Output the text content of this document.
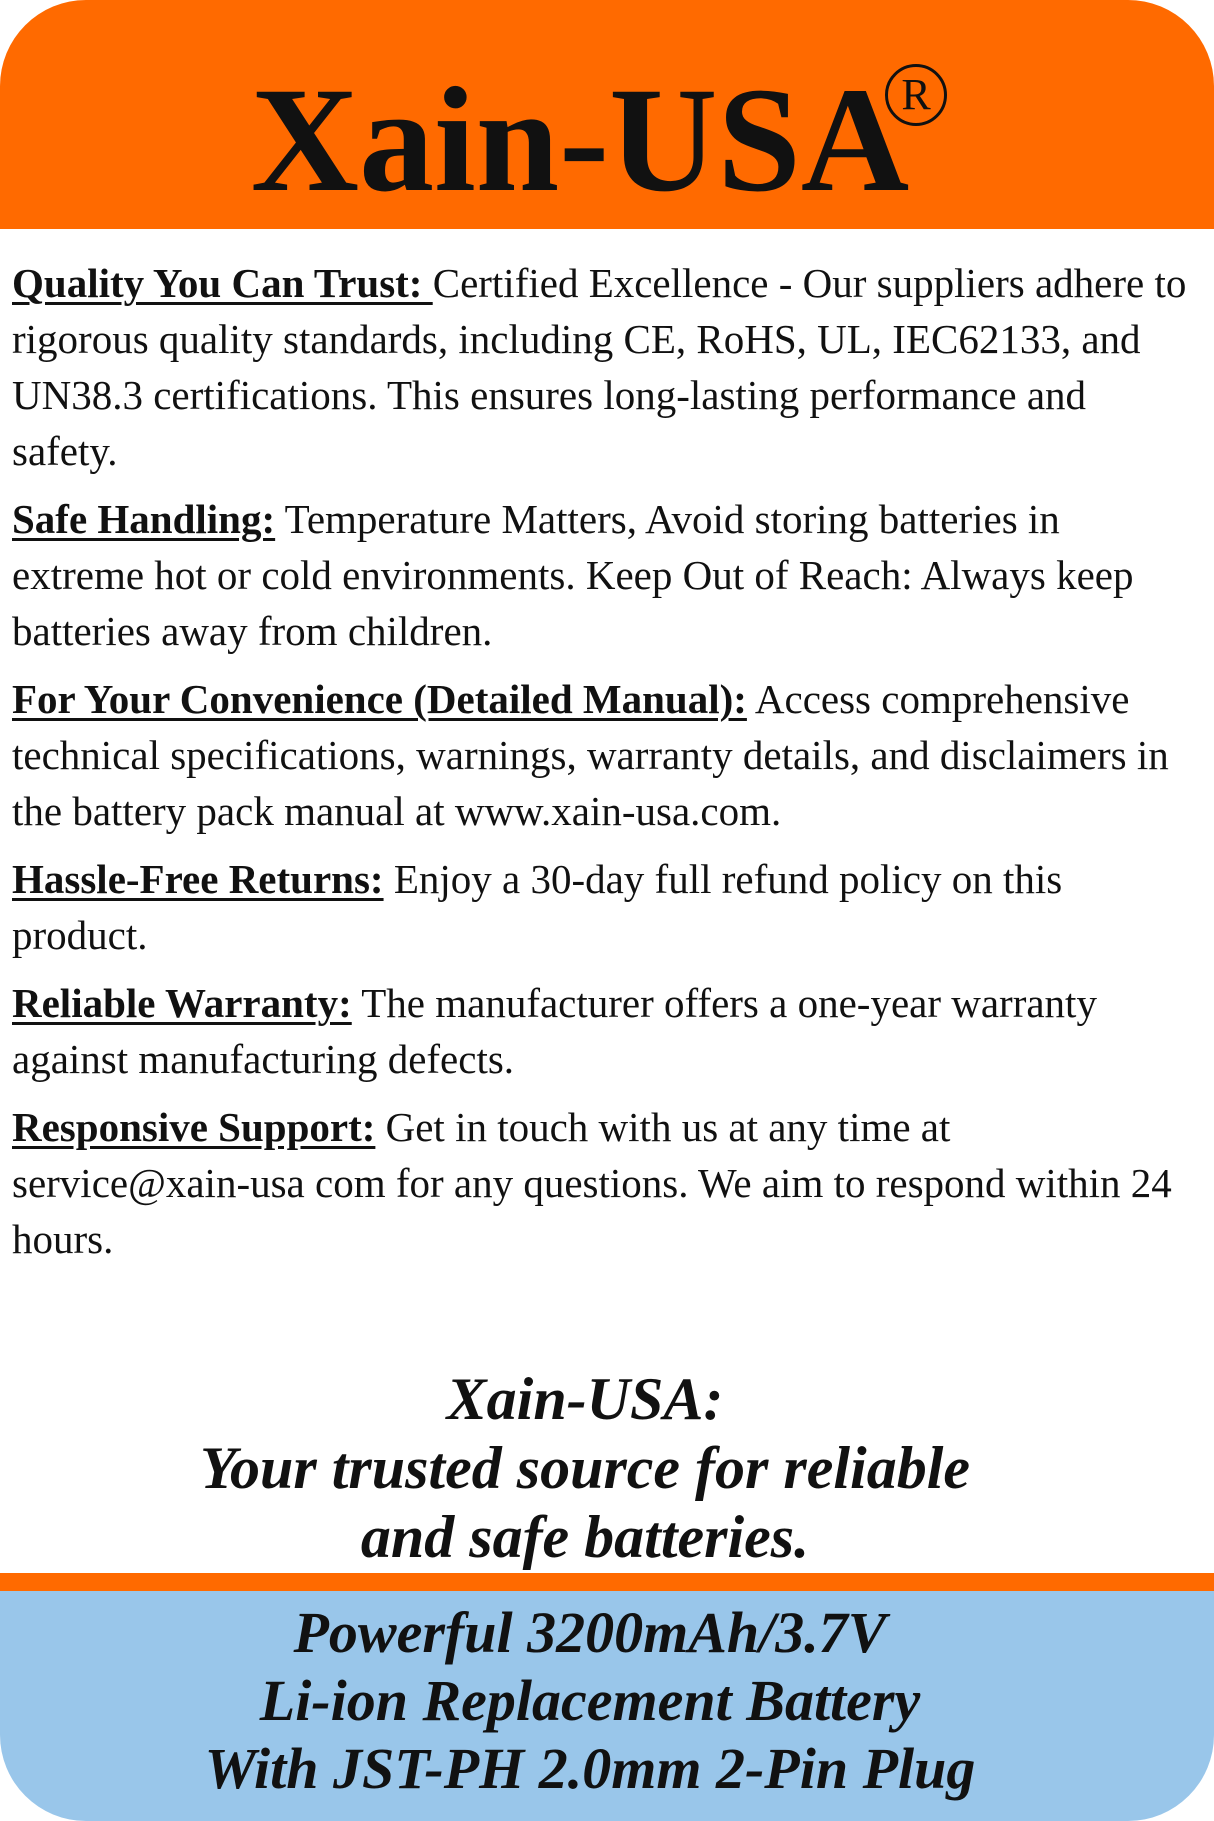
Xain-USA
R

Quality You Can Trust: Certified Excellence - Our suppliers adhere to rigorous quality standards, including CE, RoHS, UL, IEC62133, and UN38.3 certifications. This ensures long-lasting performance and safety.

Safe Handling: Temperature Matters, Avoid storing batteries in extreme hot or cold environments. Keep Out of Reach: Always keep batteries away from children.

For Your Convenience (Detailed Manual): Access comprehensive technical specifications, warnings, warranty details, and disclaimers in the battery pack manual at www.xain-usa.com.

Hassle-Free Returns: Enjoy a 30-day full refund policy on this product.

Reliable Warranty: The manufacturer offers a one-year warranty against manufacturing defects.

Responsive Support: Get in touch with us at any time at service@xain-usa com for any questions. We aim to respond within 24 hours.

Xain-USA:
Your trusted source for reliable
and safe batteries.
Powerful 3200mAh/3.7V
Li-ion Replacement Battery
With JST-PH 2.0mm 2-Pin Plug
